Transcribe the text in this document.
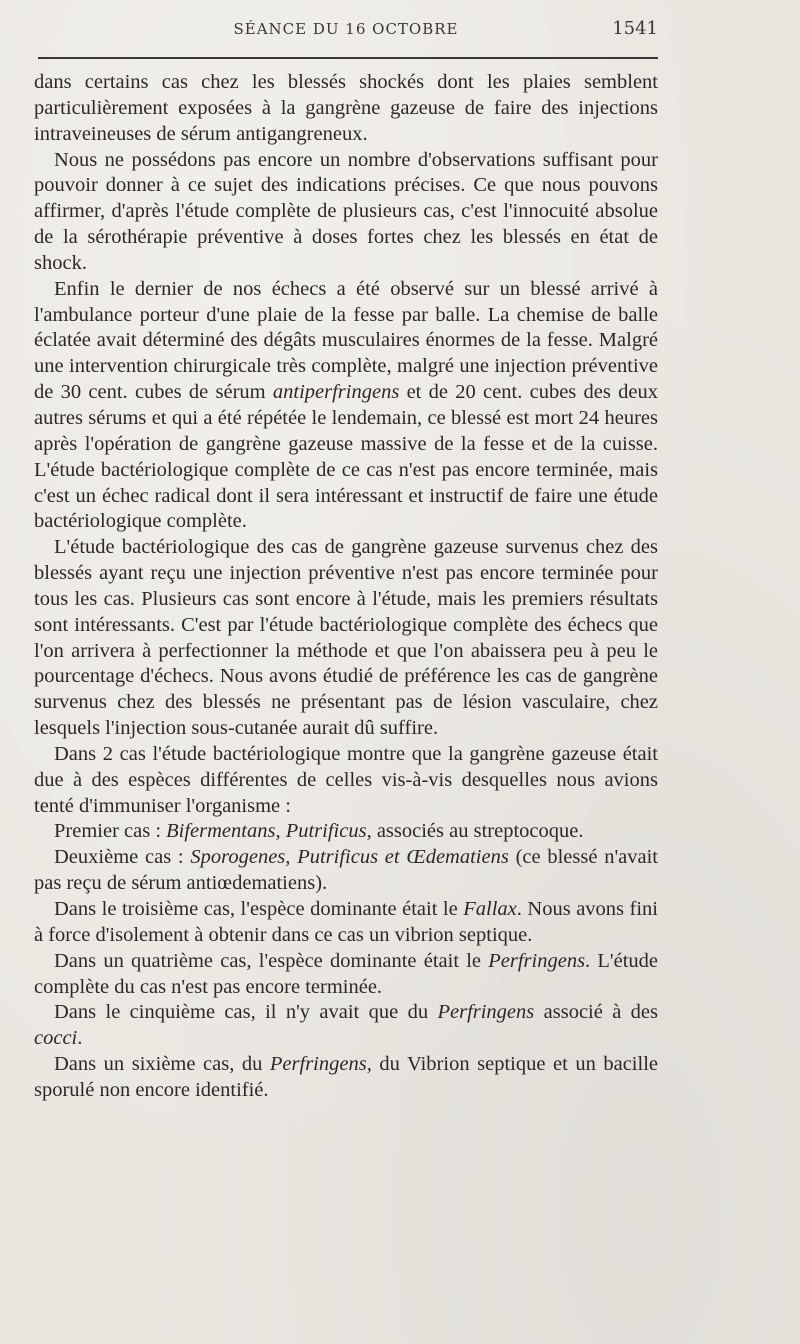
SÉANCE DU 16 OCTOBRE	1541

dans certains cas chez les blessés shockés dont les plaies semblent particulièrement exposées à la gangrène gazeuse de faire des injections intraveineuses de sérum antigangreneux.

Nous ne possédons pas encore un nombre d'observations suffisant pour pouvoir donner à ce sujet des indications précises. Ce que nous pouvons affirmer, d'après l'étude complète de plusieurs cas, c'est l'innocuité absolue de la sérothérapie préventive à doses fortes chez les blessés en état de shock.

Enfin le dernier de nos échecs a été observé sur un blessé arrivé à l'ambulance porteur d'une plaie de la fesse par balle. La chemise de balle éclatée avait déterminé des dégâts musculaires énormes de la fesse. Malgré une intervention chirurgicale très complète, malgré une injection préventive de 30 cent. cubes de sérum antiperfringens et de 20 cent. cubes des deux autres sérums et qui a été répétée le lendemain, ce blessé est mort 24 heures après l'opération de gangrène gazeuse massive de la fesse et de la cuisse. L'étude bactériologique complète de ce cas n'est pas encore terminée, mais c'est un échec radical dont il sera intéressant et instructif de faire une étude bactériologique complète.

L'étude bactériologique des cas de gangrène gazeuse survenus chez des blessés ayant reçu une injection préventive n'est pas encore terminée pour tous les cas. Plusieurs cas sont encore à l'étude, mais les premiers résultats sont intéressants. C'est par l'étude bactériologique complète des échecs que l'on arrivera à perfectionner la méthode et que l'on abaissera peu à peu le pourcentage d'échecs. Nous avons étudié de préférence les cas de gangrène survenus chez des blessés ne présentant pas de lésion vasculaire, chez lesquels l'injection sous-cutanée aurait dû suffire.

Dans 2 cas l'étude bactériologique montre que la gangrène gazeuse était due à des espèces différentes de celles vis-à-vis desquelles nous avions tenté d'immuniser l'organisme :

Premier cas : Bifermentans, Putrificus, associés au streptocoque.

Deuxième cas : Sporogenes, Putrificus et Œdematiens (ce blessé n'avait pas reçu de sérum antiœdematiens).

Dans le troisième cas, l'espèce dominante était le Fallax. Nous avons fini à force d'isolement à obtenir dans ce cas un vibrion septique.

Dans un quatrième cas, l'espèce dominante était le Perfringens. L'étude complète du cas n'est pas encore terminée.

Dans le cinquième cas, il n'y avait que du Perfringens associé à des cocci.

Dans un sixième cas, du Perfringens, du Vibrion septique et un bacille sporulé non encore identifié.
